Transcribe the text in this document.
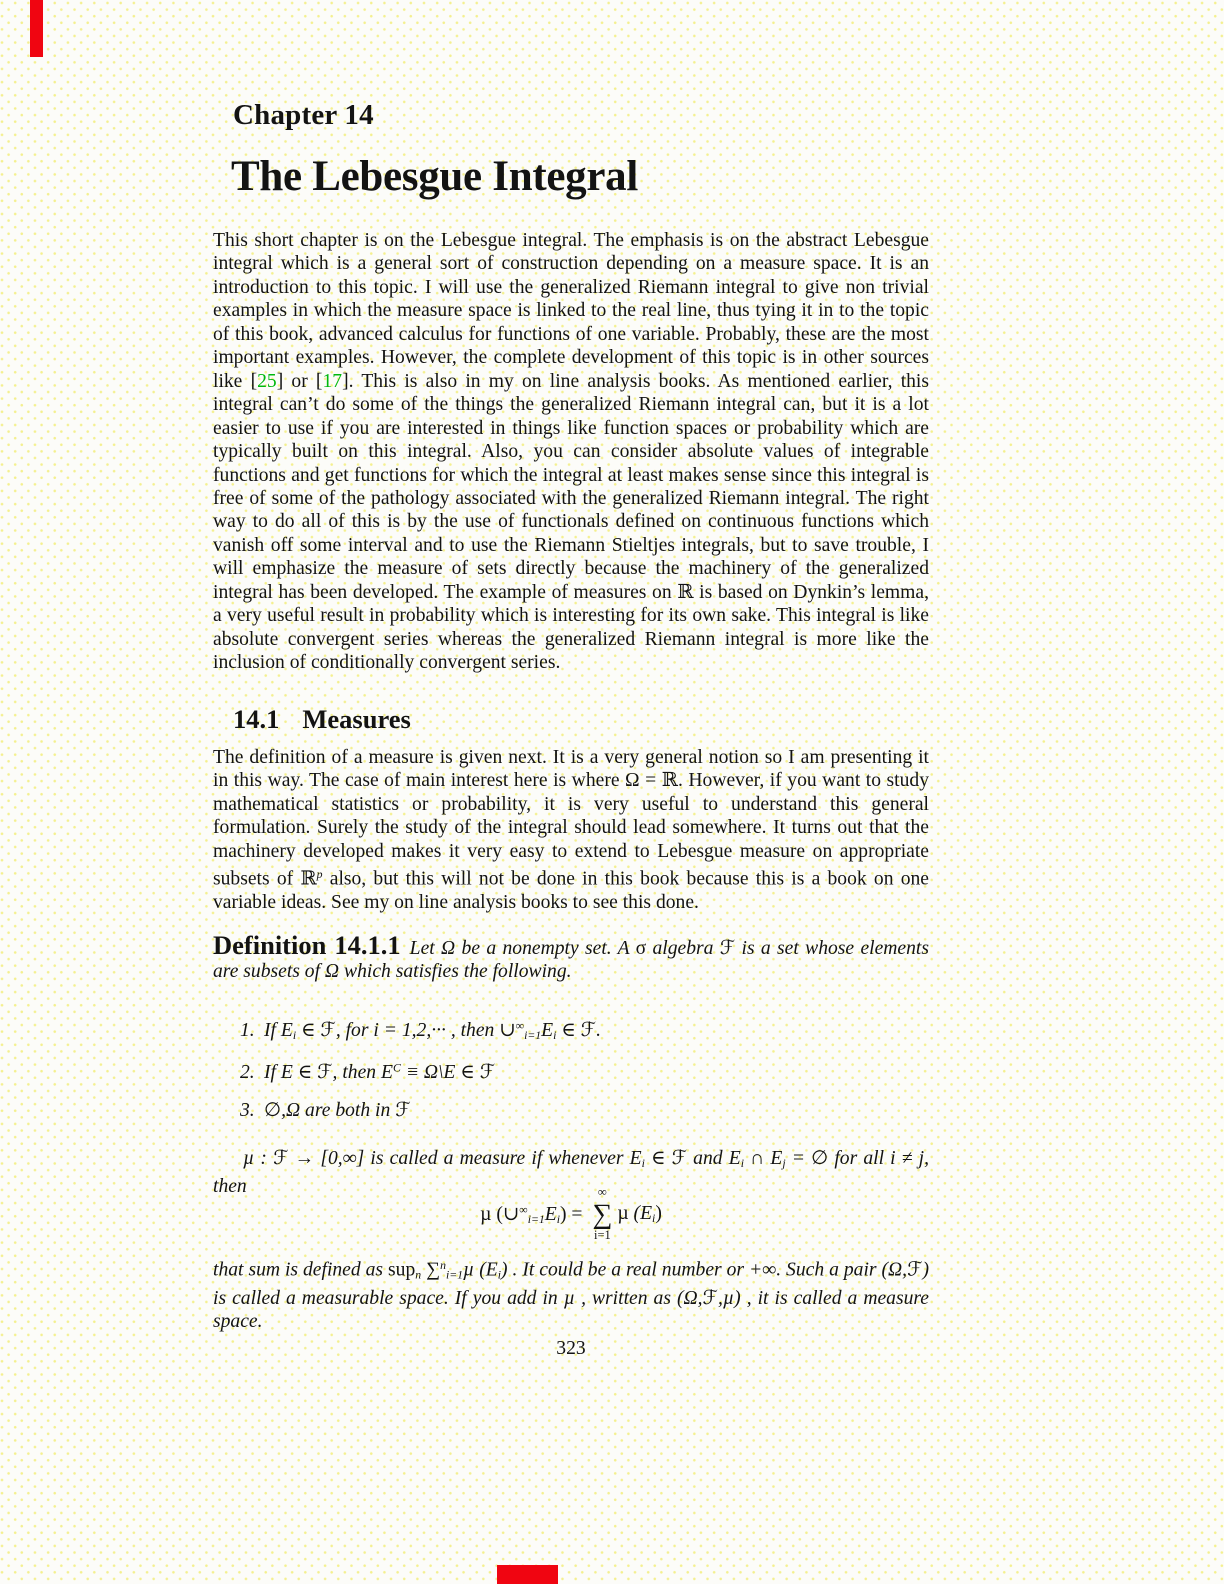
Chapter 14
The Lebesgue Integral
This short chapter is on the Lebesgue integral. The emphasis is on the abstract Lebesgue integral which is a general sort of construction depending on a measure space. It is an introduction to this topic. I will use the generalized Riemann integral to give non trivial examples in which the measure space is linked to the real line, thus tying it in to the topic of this book, advanced calculus for functions of one variable. Probably, these are the most important examples. However, the complete development of this topic is in other sources like [25] or [17]. This is also in my on line analysis books. As mentioned earlier, this integral can’t do some of the things the generalized Riemann integral can, but it is a lot easier to use if you are interested in things like function spaces or probability which are typically built on this integral. Also, you can consider absolute values of integrable functions and get functions for which the integral at least makes sense since this integral is free of some of the pathology associated with the generalized Riemann integral. The right way to do all of this is by the use of functionals defined on continuous functions which vanish off some interval and to use the Riemann Stieltjes integrals, but to save trouble, I will emphasize the measure of sets directly because the machinery of the generalized integral has been developed. The example of measures on ℝ is based on Dynkin’s lemma, a very useful result in probability which is interesting for its own sake. This integral is like absolute convergent series whereas the generalized Riemann integral is more like the inclusion of conditionally convergent series.
14.1 Measures
The definition of a measure is given next. It is a very general notion so I am presenting it in this way. The case of main interest here is where Ω = ℝ. However, if you want to study mathematical statistics or probability, it is very useful to understand this general formulation. Surely the study of the integral should lead somewhere. It turns out that the machinery developed makes it very easy to extend to Lebesgue measure on appropriate subsets of ℝ$^p$ also, but this will not be done in this book because this is a book on one variable ideas. See my on line analysis books to see this done.
Definition 14.1.1 Let Ω be a nonempty set. A σ algebra ℱ is a set whose elements are subsets of Ω which satisfies the following.
1. If $E_i$ ∈ ℱ, for i = 1,2,··· , then $\cup^\infty_{i=1}E_i$ ∈ ℱ.
2. If E ∈ ℱ, then $E^C$ ≡ Ω\E ∈ ℱ
3. ∅,Ω are both in ℱ
µ : ℱ → [0,∞] is called a measure if whenever $E_i$ ∈ ℱ and $E_i$ ∩ $E_j$ = ∅ for all i ≠ j, then
µ $(\cup^\infty_{i=1}E_i)$ =
∞
∑
i=1
µ $(E_i)$
that sum is defined as sup$_n$ ∑$^n_{i=1}$µ $(E_i)$ . It could be a real number or +∞. Such a pair (Ω,ℱ) is called a measurable space. If you add in µ , written as (Ω,ℱ,µ) , it is called a measure space.
323
